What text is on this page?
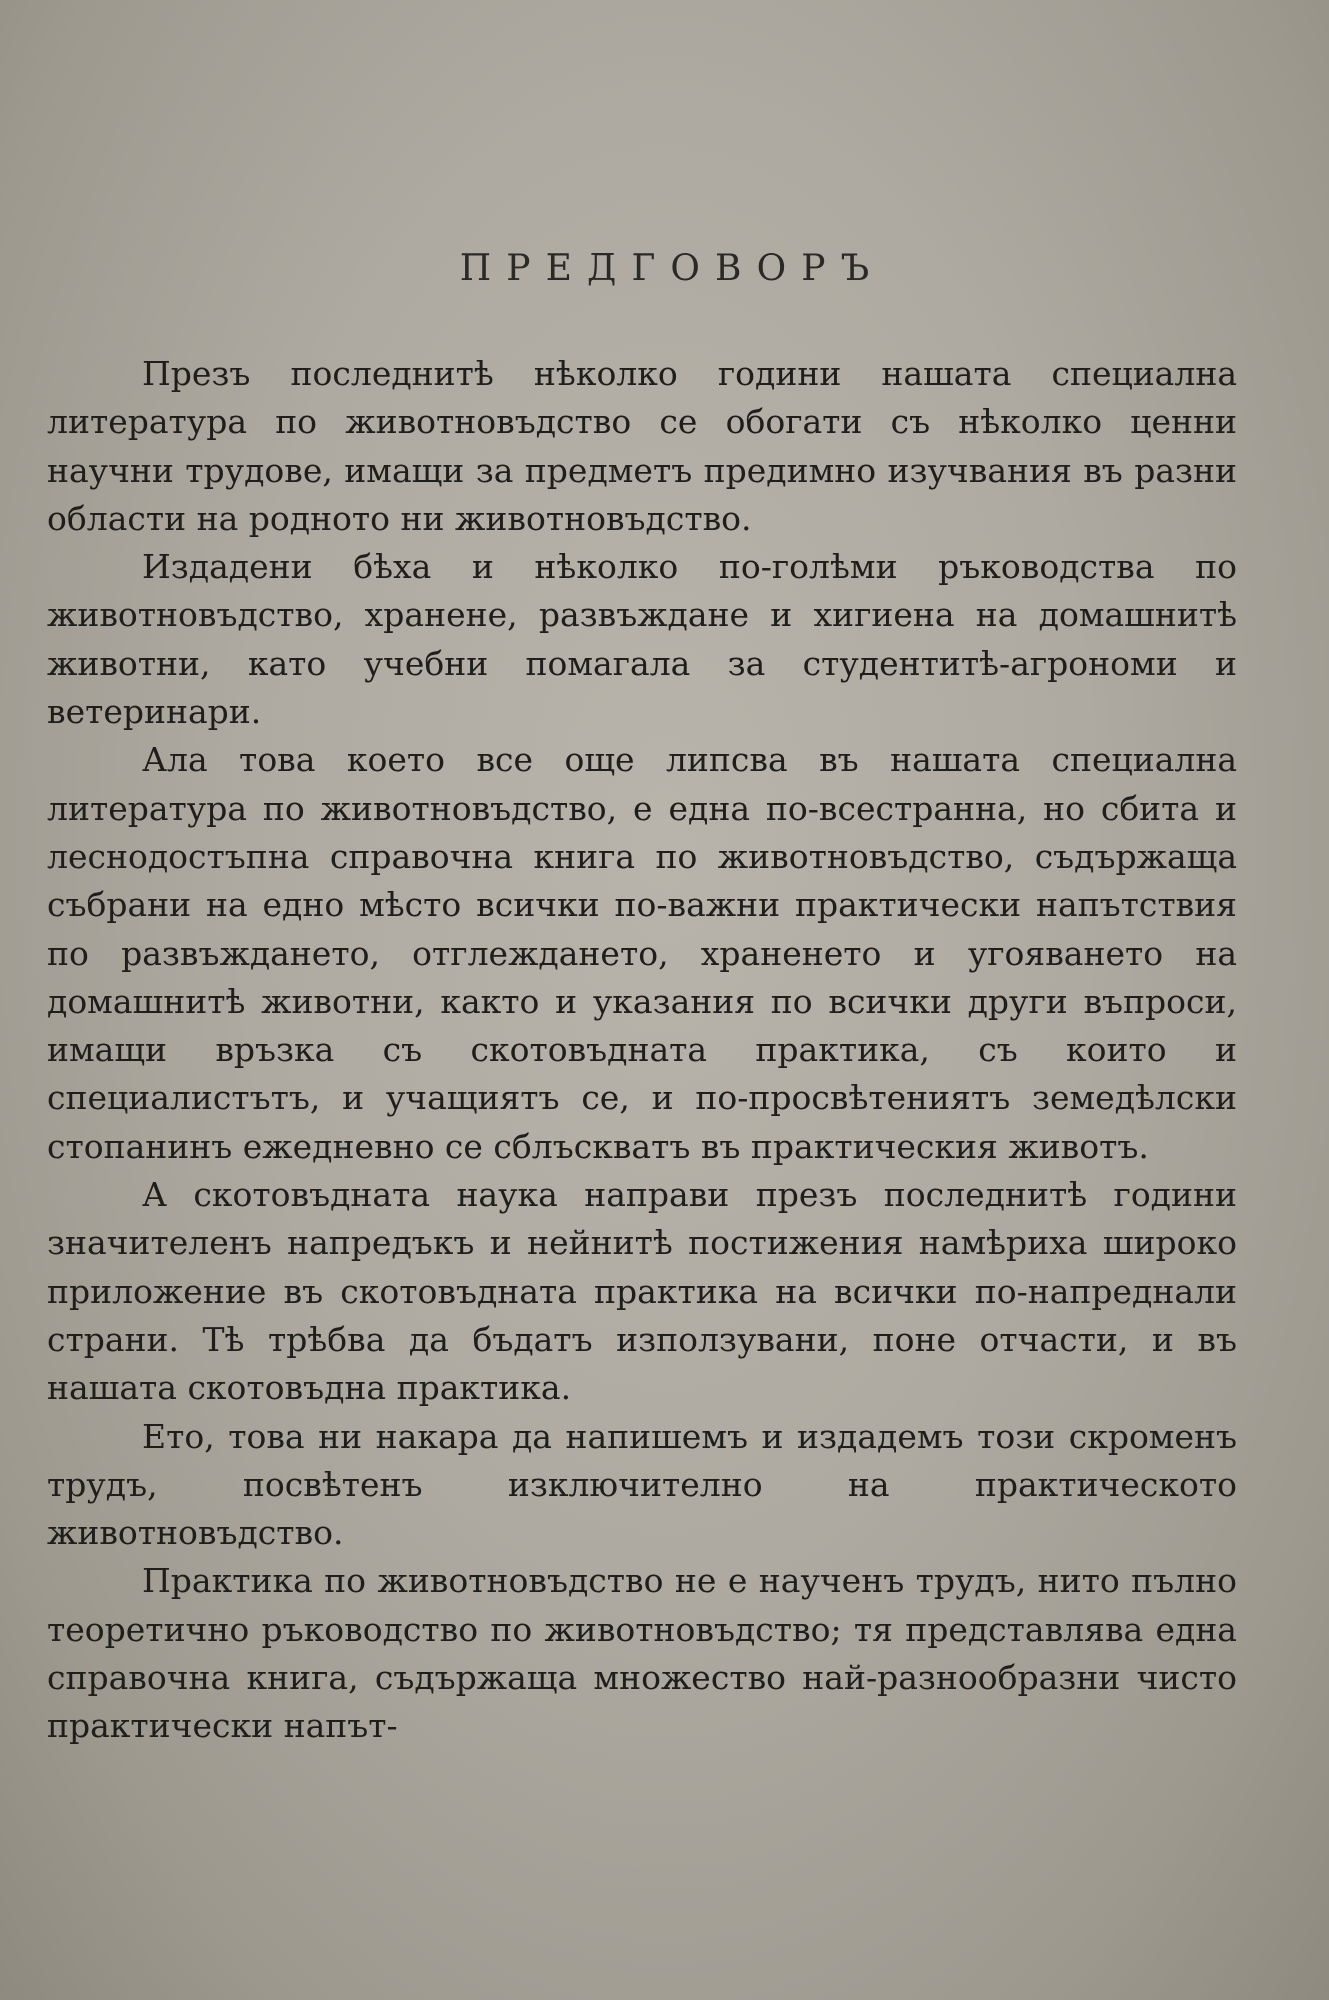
ПРЕДГОВОРЪ

Презъ последнитѣ нѣколко години нашата специална литература по животновъдство се обогати съ нѣколко ценни научни трудове, имащи за предметъ предимно изучвания въ разни области на родното ни животновъдство.

Издадени бѣха и нѣколко по-голѣми ръководства по животновъдство, хранене, развъждане и хигиена на домашнитѣ животни, като учебни помагала за студентитѣ-агрономи и ветеринари.

Ала това което все още липсва въ нашата специална литература по животновъдство, е една по-всестранна, но сбита и леснодостъпна справочна книга по животновъдство, съдържаща събрани на едно мѣсто всички по-важни практически напътствия по развъждането, отглеждането, храненето и угояването на домашнитѣ животни, както и указания по всички други въпроси, имащи връзка съ скотовъдната практика, съ които и специалистътъ, и учащиятъ се, и по-просвѣтениятъ земедѣлски стопанинъ ежедневно се сблъскватъ въ практическия животъ.

А скотовъдната наука направи презъ последнитѣ години значителенъ напредъкъ и нейнитѣ постижения намѣриха широко приложение въ скотовъдната практика на всички по-напреднали страни. Тѣ трѣбва да бъдатъ използувани, поне отчасти, и въ нашата скотовъдна практика.

Ето, това ни накара да напишемъ и издадемъ този скроменъ трудъ, посвѣтенъ изключително на практическото животновъдство.

Практика по животновъдство не е наученъ трудъ, нито пълно теоретично ръководство по животновъдство; тя представлява една справочна книга, съдържаща множество най-разнообразни чисто практически напът-
